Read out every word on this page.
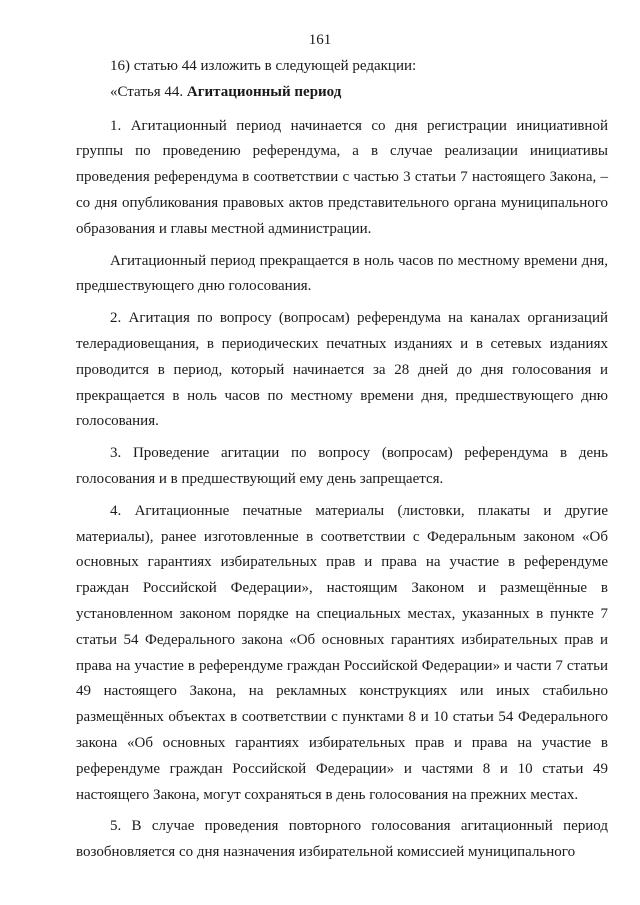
161

16) статью 44 изложить в следующей редакции:

«Статья 44. Агитационный период

1. Агитационный период начинается со дня регистрации инициативной группы по проведению референдума, а в случае реализации инициативы проведения референдума в соответствии с частью 3 статьи 7 настоящего Закона, – со дня опубликования правовых актов представительного органа муниципального образования и главы местной администрации.

Агитационный период прекращается в ноль часов по местному времени дня, предшествующего дню голосования.

2. Агитация по вопросу (вопросам) референдума на каналах организаций телерадиовещания, в периодических печатных изданиях и в сетевых изданиях проводится в период, который начинается за 28 дней до дня голосования и прекращается в ноль часов по местному времени дня, предшествующего дню голосования.

3. Проведение агитации по вопросу (вопросам) референдума в день голосования и в предшествующий ему день запрещается.

4. Агитационные печатные материалы (листовки, плакаты и другие материалы), ранее изготовленные в соответствии с Федеральным законом «Об основных гарантиях избирательных прав и права на участие в референдуме граждан Российской Федерации», настоящим Законом и размещённые в установленном законом порядке на специальных местах, указанных в пункте 7 статьи 54 Федерального закона «Об основных гарантиях избирательных прав и права на участие в референдуме граждан Российской Федерации» и части 7 статьи 49 настоящего Закона, на рекламных конструкциях или иных стабильно размещённых объектах в соответствии с пунктами 8 и 10 статьи 54 Федерального закона «Об основных гарантиях избирательных прав и права на участие в референдуме граждан Российской Федерации» и частями 8 и 10 статьи 49 настоящего Закона, могут сохраняться в день голосования на прежних местах.

5. В случае проведения повторного голосования агитационный период возобновляется со дня назначения избирательной комиссией муниципального
